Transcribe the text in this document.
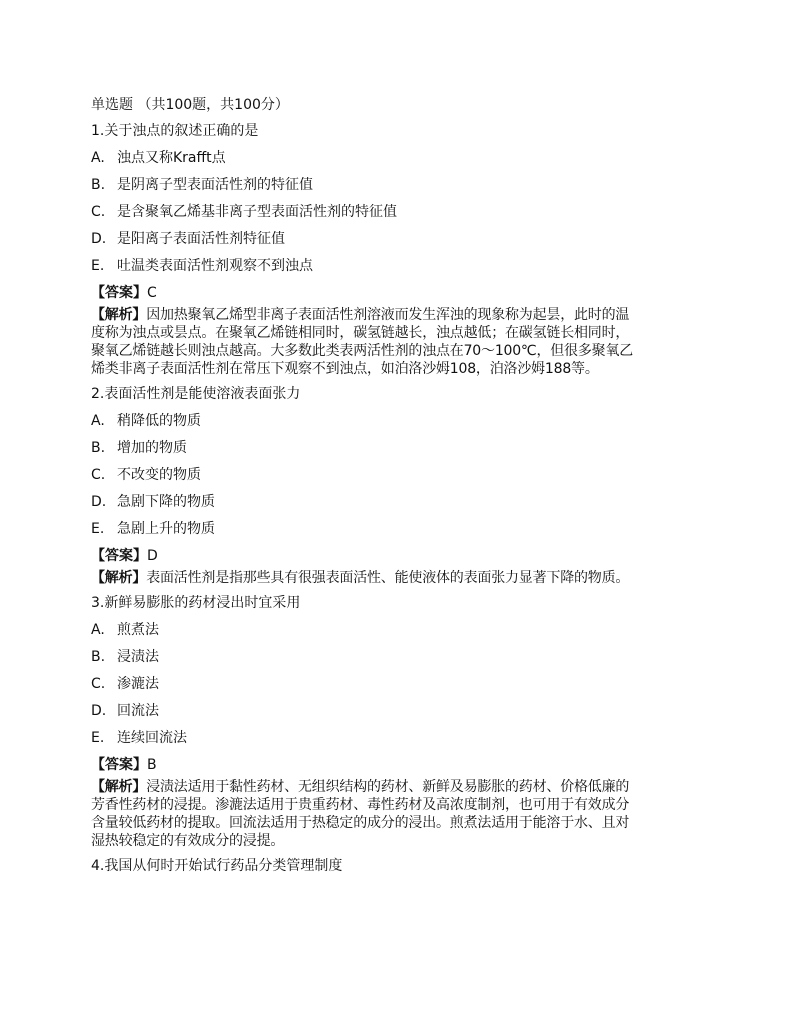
单选题 （共100题，共100分）
1.关于浊点的叙述正确的是
A. 浊点又称Krafft点
B. 是阴离子型表面活性剂的特征值
C. 是含聚氧乙烯基非离子型表面活性剂的特征值
D. 是阳离子表面活性剂特征值
E. 吐温类表面活性剂观察不到浊点
【答案】C
【解析】因加热聚氧乙烯型非离子表面活性剂溶液而发生浑浊的现象称为起昙，此时的温
度称为浊点或昙点。在聚氧乙烯链相同时，碳氢链越长，浊点越低；在碳氢链长相同时，
聚氧乙烯链越长则浊点越高。大多数此类表两活性剂的浊点在70～100℃，但很多聚氧乙
烯类非离子表面活性剂在常压下观察不到浊点，如泊洛沙姆108，泊洛沙姆188等。
2.表面活性剂是能使溶液表面张力
A. 稍降低的物质
B. 增加的物质
C. 不改变的物质
D. 急剧下降的物质
E. 急剧上升的物质
【答案】D
【解析】表面活性剂是指那些具有很强表面活性、能使液体的表面张力显著下降的物质。
3.新鲜易膨胀的药材浸出时宜采用
A. 煎煮法
B. 浸渍法
C. 渗漉法
D. 回流法
E. 连续回流法
【答案】B
【解析】浸渍法适用于黏性药材、无组织结构的药材、新鲜及易膨胀的药材、价格低廉的
芳香性药材的浸提。渗漉法适用于贵重药材、毒性药材及高浓度制剂，也可用于有效成分
含量较低药材的提取。回流法适用于热稳定的成分的浸出。煎煮法适用于能溶于水、且对
湿热较稳定的有效成分的浸提。
4.我国从何时开始试行药品分类管理制度
